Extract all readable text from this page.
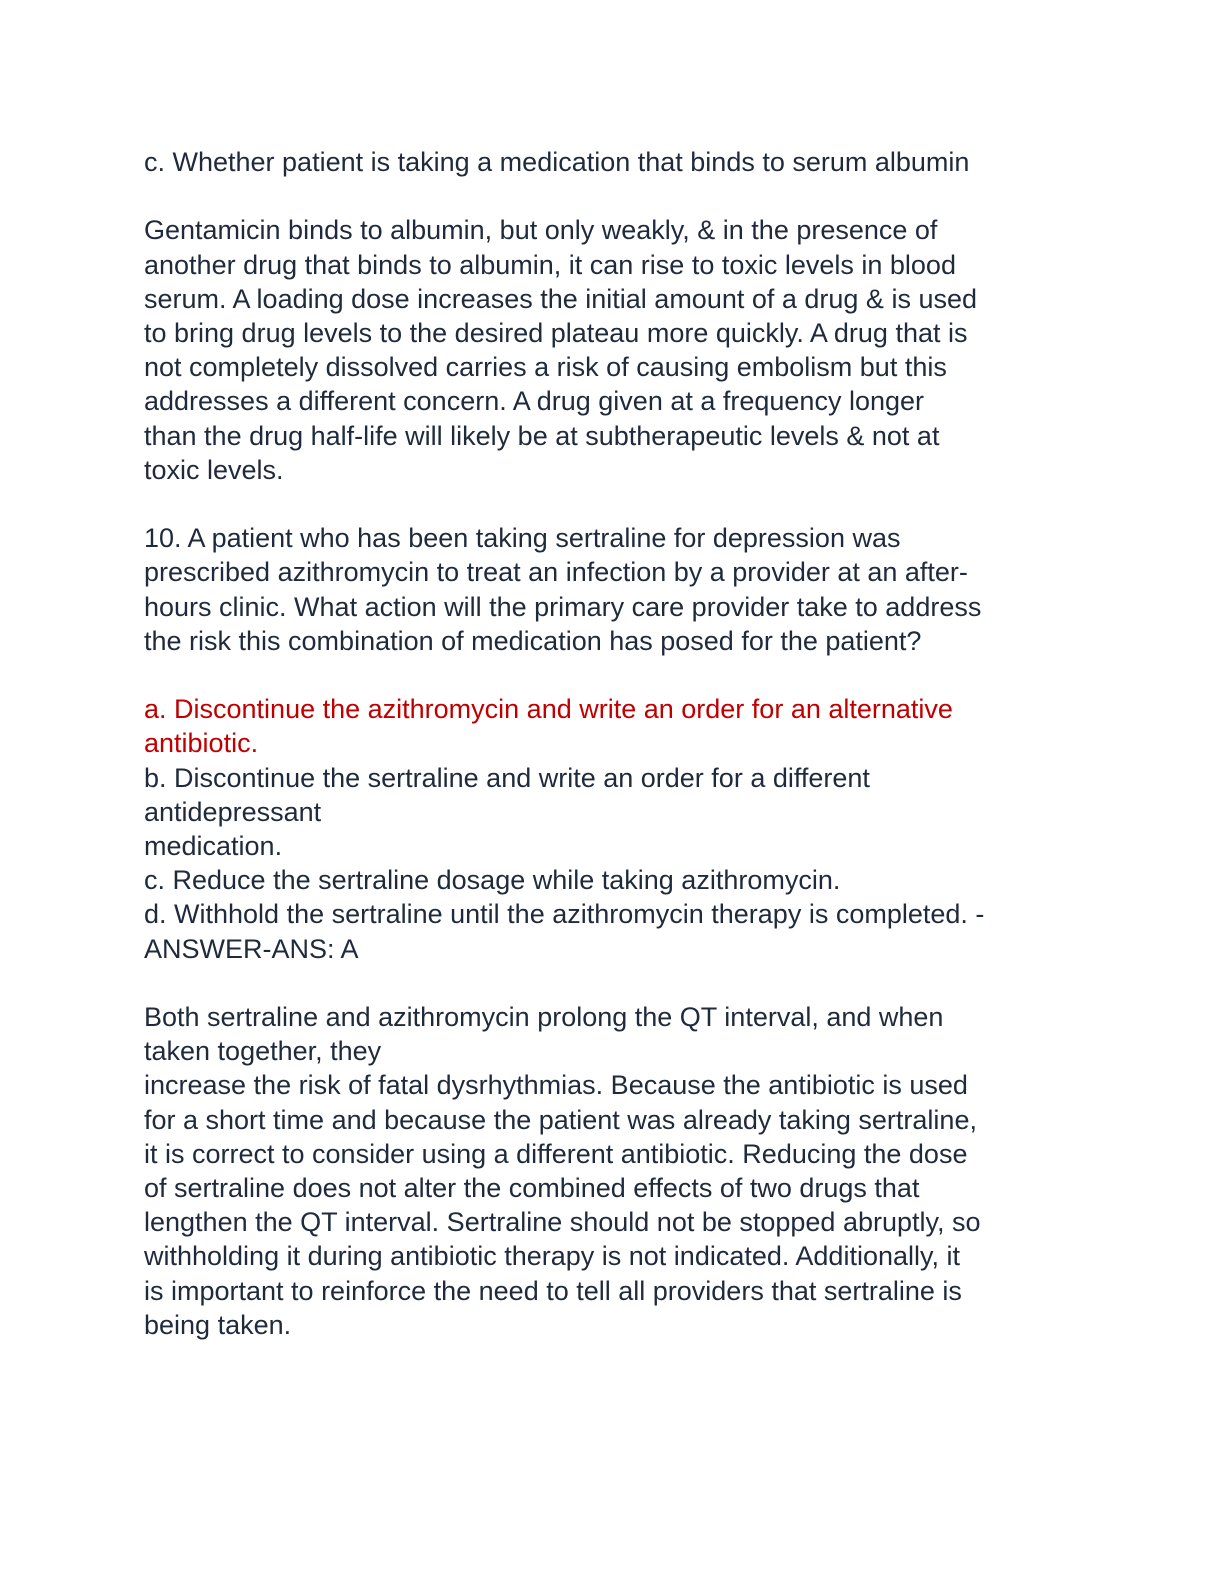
c. Whether patient is taking a medication that binds to serum albumin
Gentamicin binds to albumin, but only weakly, & in the presence of
another drug that binds to albumin, it can rise to toxic levels in blood
serum. A loading dose increases the initial amount of a drug & is used
to bring drug levels to the desired plateau more quickly. A drug that is
not completely dissolved carries a risk of causing embolism but this
addresses a different concern. A drug given at a frequency longer
than the drug half-life will likely be at subtherapeutic levels & not at
toxic levels.
10. A patient who has been taking sertraline for depression was
prescribed azithromycin to treat an infection by a provider at an after-
hours clinic. What action will the primary care provider take to address
the risk this combination of medication has posed for the patient?
a. Discontinue the azithromycin and write an order for an alternative
antibiotic.
b. Discontinue the sertraline and write an order for a different
antidepressant
medication.
c. Reduce the sertraline dosage while taking azithromycin.
d. Withhold the sertraline until the azithromycin therapy is completed. -
ANSWER-ANS: A
Both sertraline and azithromycin prolong the QT interval, and when
taken together, they
increase the risk of fatal dysrhythmias. Because the antibiotic is used
for a short time and because the patient was already taking sertraline,
it is correct to consider using a different antibiotic. Reducing the dose
of sertraline does not alter the combined effects of two drugs that
lengthen the QT interval. Sertraline should not be stopped abruptly, so
withholding it during antibiotic therapy is not indicated. Additionally, it
is important to reinforce the need to tell all providers that sertraline is
being taken.
